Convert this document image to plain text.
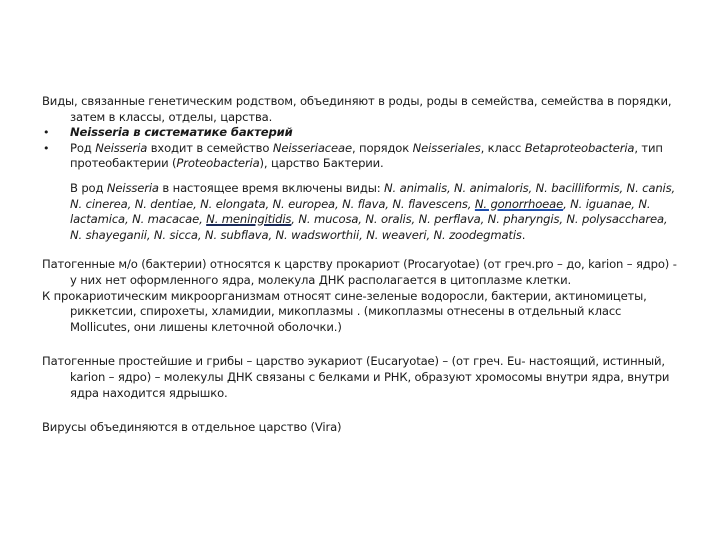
Виды, связанные генетическим родством, объединяют в роды, роды в семейства, семейства в порядки, затем в классы, отделы, царства.

• Neisseria в систематике бактерий
• Род Neisseria входит в семейство Neisseriaceae, порядок Neisseriales, класс Betaproteobacteria, тип протеобактерии (Proteobacteria), царство Бактерии.

В род Neisseria в настоящее время включены виды: N. animalis, N. animaloris, N. bacilliformis, N. canis, N. cinerea, N. dentiae, N. elongata, N. europea, N. flava, N. flavescens, N. gonorrhoeae, N. iguanae, N. lactamica, N. macacae, N. meningitidis, N. mucosa, N. oralis, N. perflava, N. pharyngis, N. polysaccharea, N. shayeganii, N. sicca, N. subflava, N. wadsworthii, N. weaveri, N. zoodegmatis.

Патогенные м/о (бактерии) относятся к царству прокариот (Procaryotae) (от греч.pro – до, karion – ядро) - у них нет оформленного ядра, молекула ДНК располагается в цитоплазме клетки.

К прокариотическим микроорганизмам относят сине-зеленые водоросли, бактерии, актиномицеты, риккетсии, спирохеты, хламидии, микоплазмы . (микоплазмы отнесены в отдельный класс Mollicutes, они лишены клеточной оболочки.)

Патогенные простейшие и грибы – царство эукариот (Eucaryotae) – (от греч. Eu- настоящий, истинный, karion – ядро) – молекулы ДНК связаны с белками и РНК, образуют хромосомы внутри ядра, внутри ядра находится ядрышко.

Вирусы объединяются в отдельное царство (Vira)
